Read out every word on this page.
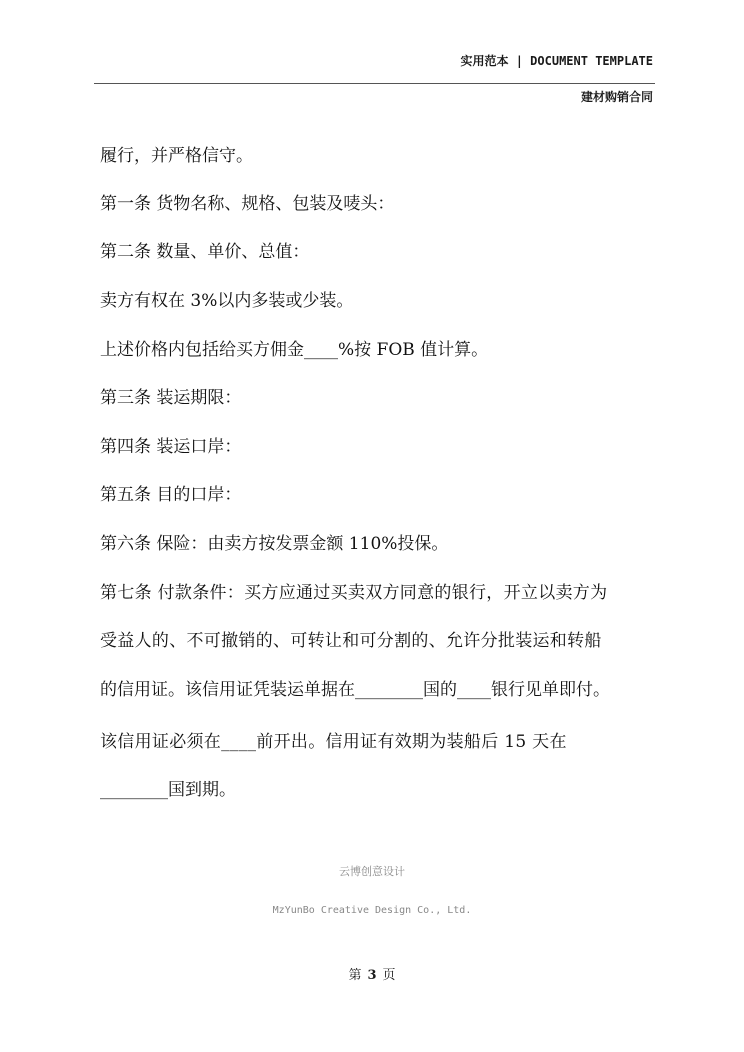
实用范本 | DOCUMENT TEMPLATE
建材购销合同
履行，并严格信守。
第一条 货物名称、规格、包装及唛头：
第二条 数量、单价、总值：
卖方有权在 3%以内多装或少装。
上述价格内包括给买方佣金____%按 FOB 值计算。
第三条 装运期限：
第四条 装运口岸：
第五条 目的口岸：
第六条 保险：由卖方按发票金额 110%投保。
第七条 付款条件：买方应通过买卖双方同意的银行，开立以卖方为
受益人的、不可撤销的、可转让和可分割的、允许分批装运和转船
的信用证。该信用证凭装运单据在________国的____银行见单即付。
该信用证必须在____前开出。信用证有效期为装船后 15 天在
________国到期。
云博创意设计
MzYunBo Creative Design Co., Ltd.
第 3 页
